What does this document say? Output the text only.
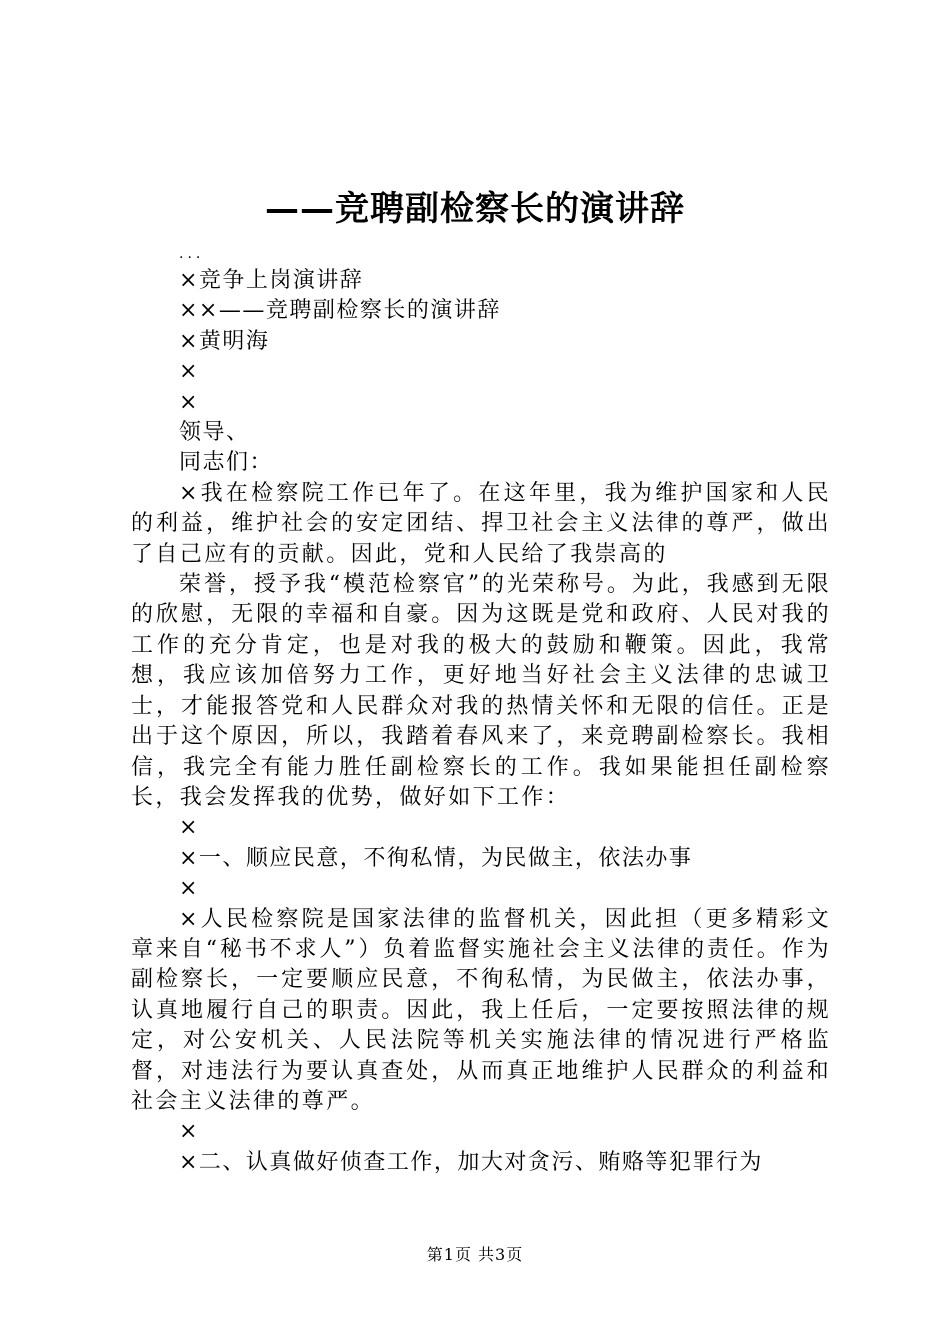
——竞聘副检察长的演讲辞
...
×竞争上岗演讲辞
××——竞聘副检察长的演讲辞
×黄明海
×
×
领导、
同志们：
×我在检察院工作已年了。在这年里，我为维护国家和人民的利益，维护社会的安定团结、捍卫社会主义法律的尊严，做出了自己应有的贡献。因此，党和人民给了我崇高的
荣誉，授予我“模范检察官”的光荣称号。为此，我感到无限的欣慰，无限的幸福和自豪。因为这既是党和政府、人民对我的工作的充分肯定，也是对我的极大的鼓励和鞭策。因此，我常想，我应该加倍努力工作，更好地当好社会主义法律的忠诚卫士，才能报答党和人民群众对我的热情关怀和无限的信任。正是出于这个原因，所以，我踏着春风来了，来竞聘副检察长。我相信，我完全有能力胜任副检察长的工作。我如果能担任副检察长，我会发挥我的优势，做好如下工作：
×
×一、顺应民意，不徇私情，为民做主，依法办事
×
×人民检察院是国家法律的监督机关，因此担（更多精彩文章来自“秘书不求人”）负着监督实施社会主义法律的责任。作为副检察长，一定要顺应民意，不徇私情，为民做主，依法办事，认真地履行自己的职责。因此，我上任后，一定要按照法律的规定，对公安机关、人民法院等机关实施法律的情况进行严格监督，对违法行为要认真查处，从而真正地维护人民群众的利益和社会主义法律的尊严。
×
×二、认真做好侦查工作，加大对贪污、贿赂等犯罪行为
第1页 共3页
